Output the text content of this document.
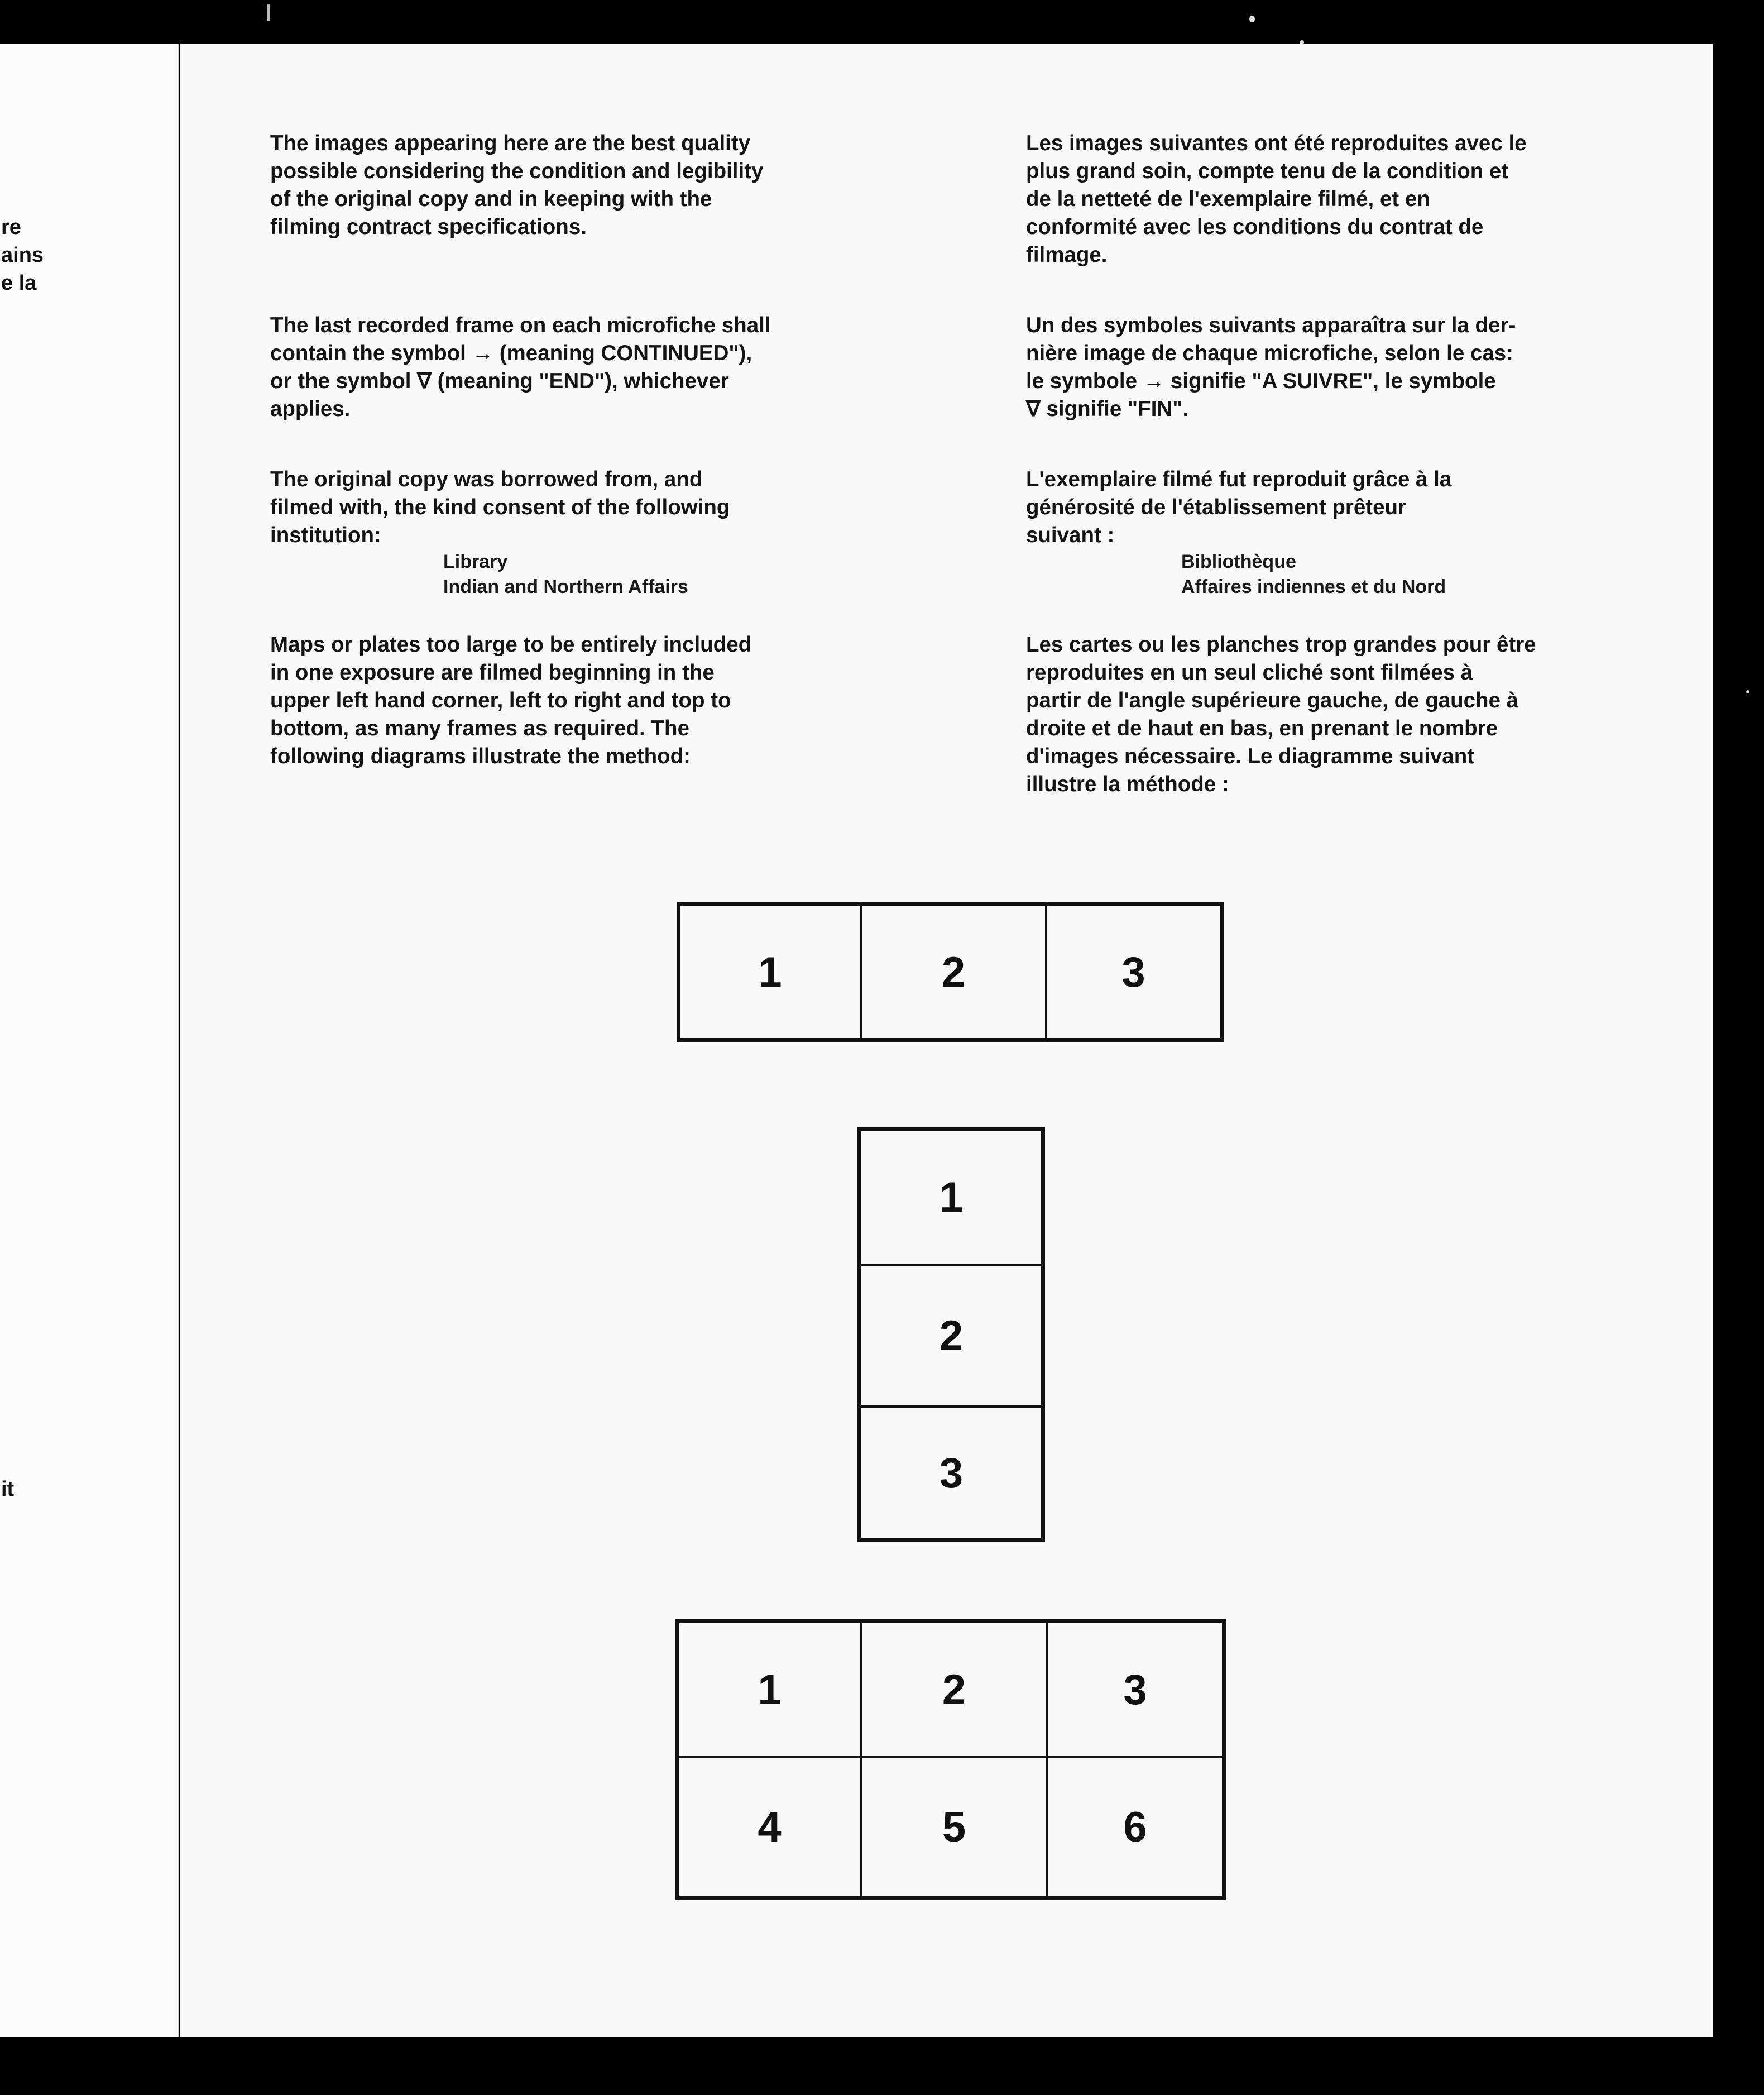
re
ains
e la
it

The images appearing here are the best quality
possible considering the condition and legibility
of the original copy and in keeping with the
filming contract specifications.

The last recorded frame on each microfiche shall
contain the symbol → (meaning CONTINUED"),
or the symbol ∇ (meaning "END"), whichever
applies.

The original copy was borrowed from, and
filmed with, the kind consent of the following
institution:

Library
Indian and Northern Affairs

Maps or plates too large to be entirely included
in one exposure are filmed beginning in the
upper left hand corner, left to right and top to
bottom, as many frames as required. The
following diagrams illustrate the method:

Les images suivantes ont été reproduites avec le
plus grand soin, compte tenu de la condition et
de la netteté de l'exemplaire filmé, et en
conformité avec les conditions du contrat de
filmage.

Un des symboles suivants apparaîtra sur la der-
nière image de chaque microfiche, selon le cas:
le symbole → signifie "A SUIVRE", le symbole
∇ signifie "FIN".

L'exemplaire filmé fut reproduit grâce à la
générosité de l'établissement prêteur
suivant :

Bibliothèque
Affaires indiennes et du Nord

Les cartes ou les planches trop grandes pour être
reproduites en un seul cliché sont filmées à
partir de l'angle supérieure gauche, de gauche à
droite et de haut en bas, en prenant le nombre
d'images nécessaire. Le diagramme suivant
illustre la méthode :

1	2	3
1
2
3
1	2	3
4	5	6
